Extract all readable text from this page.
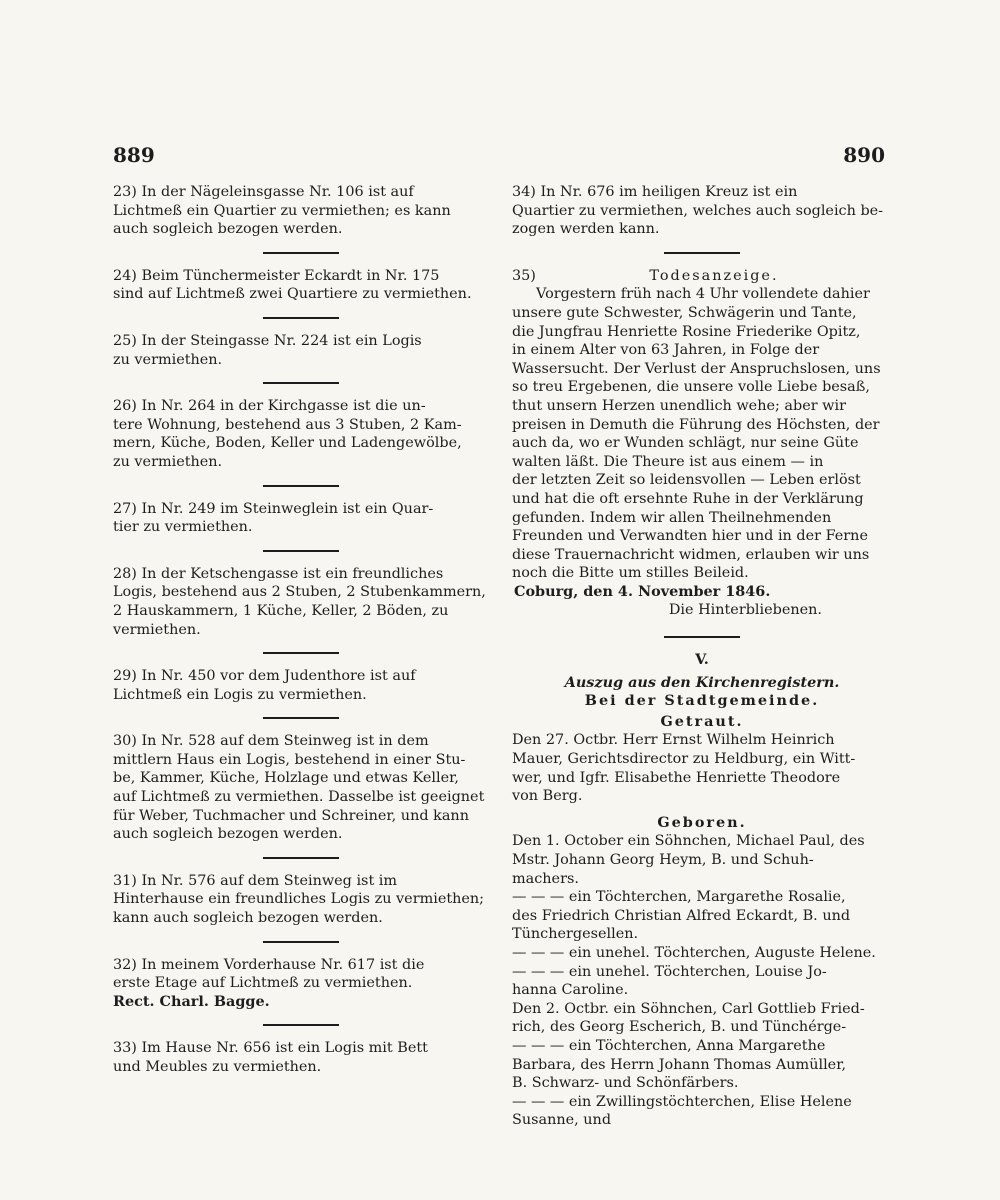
889	890

23) In der Nägeleinsgasse Nr. 106 ist auf

Lichtmeß ein Quartier zu vermiethen; es kann

auch sogleich bezogen werden.

24) Beim Tünchermeister Eckardt in Nr. 175

sind auf Lichtmeß zwei Quartiere zu vermiethen.

25) In der Steingasse Nr. 224 ist ein Logis

zu vermiethen.

26) In Nr. 264 in der Kirchgasse ist die un-

tere Wohnung, bestehend aus 3 Stuben, 2 Kam-

mern, Küche, Boden, Keller und Ladengewölbe,

zu vermiethen.

27) In Nr. 249 im Steinweglein ist ein Quar-

tier zu vermiethen.

28) In der Ketschengasse ist ein freundliches

Logis, bestehend aus 2 Stuben, 2 Stubenkammern,

2 Hauskammern, 1 Küche, Keller, 2 Böden, zu

vermiethen.

29) In Nr. 450 vor dem Judenthore ist auf

Lichtmeß ein Logis zu vermiethen.

30) In Nr. 528 auf dem Steinweg ist in dem

mittlern Haus ein Logis, bestehend in einer Stu-

be, Kammer, Küche, Holzlage und etwas Keller,

auf Lichtmeß zu vermiethen. Dasselbe ist geeignet

für Weber, Tuchmacher und Schreiner, und kann

auch sogleich bezogen werden.

31) In Nr. 576 auf dem Steinweg ist im

Hinterhause ein freundliches Logis zu vermiethen;

kann auch sogleich bezogen werden.

32) In meinem Vorderhause Nr. 617 ist die

erste Etage auf Lichtmeß zu vermiethen.

Rect. Charl. Bagge.

33) Im Hause Nr. 656 ist ein Logis mit Bett

und Meubles zu vermiethen.

34) In Nr. 676 im heiligen Kreuz ist ein

Quartier zu vermiethen, welches auch sogleich be-

zogen werden kann.

35)	Todesanzeige.

Vorgestern früh nach 4 Uhr vollendete dahier

unsere gute Schwester, Schwägerin und Tante,

die Jungfrau Henriette Rosine Friederike Opitz,

in einem Alter von 63 Jahren, in Folge der

Wassersucht. Der Verlust der Anspruchslosen, uns

so treu Ergebenen, die unsere volle Liebe besaß,

thut unsern Herzen unendlich wehe; aber wir

preisen in Demuth die Führung des Höchsten, der

auch da, wo er Wunden schlägt, nur seine Güte

walten läßt. Die Theure ist aus einem — in

der letzten Zeit so leidensvollen — Leben erlöst

und hat die oft ersehnte Ruhe in der Verklärung

gefunden. Indem wir allen Theilnehmenden

Freunden und Verwandten hier und in der Ferne

diese Trauernachricht widmen, erlauben wir uns

noch die Bitte um stilles Beileid.

Coburg, den 4. November 1846.

Die Hinterbliebenen.

V.
Auszug aus den Kirchenregistern.
Bei der Stadtgemeinde.
Getraut.

Den 27. Octbr. Herr Ernst Wilhelm Heinrich
Mauer, Gerichtsdirector zu Heldburg, ein Witt-
wer, und Igfr. Elisabethe Henriette Theodore
von Berg.

Geboren.

Den 1. October ein Söhnchen, Michael Paul, des
Mstr. Johann Georg Heym, B. und Schuh-
machers.

— — — ein Töchterchen, Margarethe Rosalie,
des Friedrich Christian Alfred Eckardt, B. und
Tünchergesellen.

— — — ein unehel. Töchterchen, Auguste Helene.

— — — ein unehel. Töchterchen, Louise Jo-
hanna Caroline.

Den 2. Octbr. ein Söhnchen, Carl Gottlieb Fried-
rich, des Georg Escherich, B. und Tünchérge-

— — — ein Töchterchen, Anna Margarethe
Barbara, des Herrn Johann Thomas Aumüller,
B. Schwarz- und Schönfärbers.

— — — ein Zwillingstöchterchen, Elise Helene
Susanne, und
